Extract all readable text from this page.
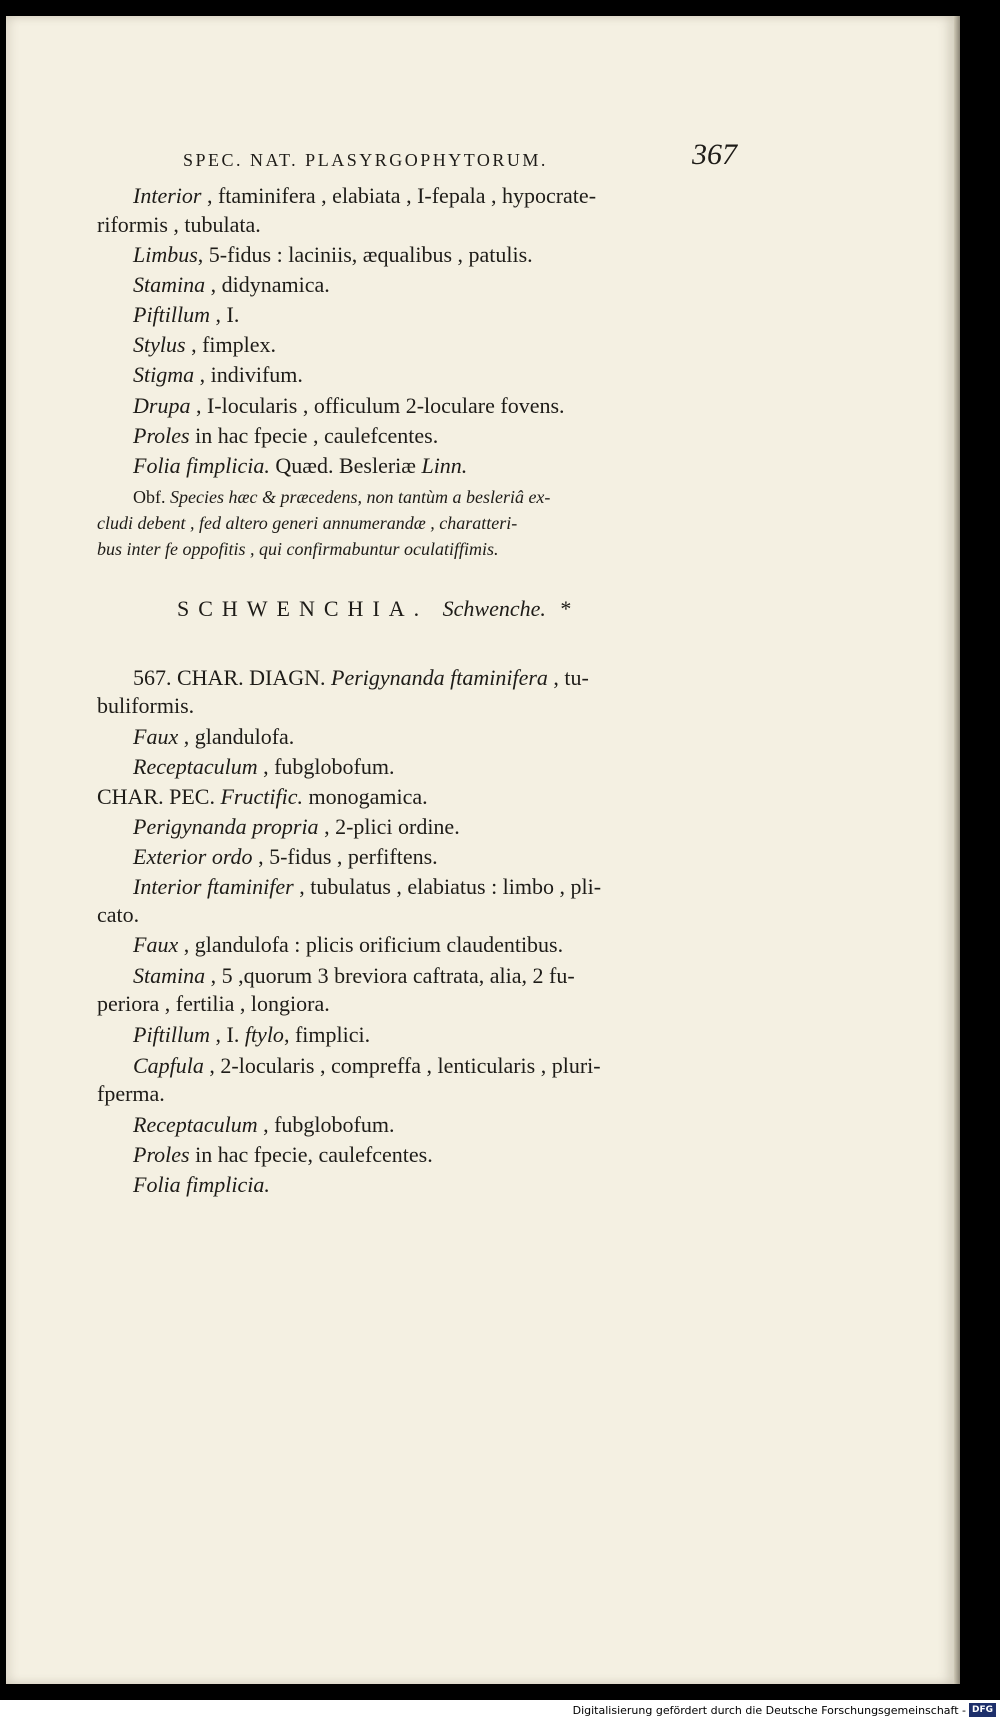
SPEC. NAT. PLASYRGOPHYTORUM.	367
Interior , ftaminifera , elabiata , I-fepala , hypocrate-
riformis , tubulata.
Limbus, 5-fidus : laciniis, æqualibus , patulis.
Stamina , didynamica.
Piftillum , I.
Stylus , fimplex.
Stigma , indivifum.
Drupa , I-locularis , officulum 2-loculare fovens.
Proles in hac fpecie , caulefcentes.
Folia fimplicia. Quæd. Besleriæ Linn.
Obf. Species hæc & præcedens, non tantùm a besleriâ ex-
cludi debent , fed altero generi annumerandæ , charatteri-
bus inter fe oppofitis , qui confirmabuntur oculatiffimis.
SCHWENCHIA. Schwenche. *
567. CHAR. DIAGN. Perigynanda ftaminifera , tu-
buliformis.
Faux , glandulofa.
Receptaculum , fubglobofum.
CHAR. PEC. Fructific. monogamica.
Perigynanda propria , 2-plici ordine.
Exterior ordo , 5-fidus , perfiftens.
Interior ftaminifer , tubulatus , elabiatus : limbo , pli-
cato.
Faux , glandulofa : plicis orificium claudentibus.
Stamina , 5 ,quorum 3 breviora caftrata, alia, 2 fu-
periora , fertilia , longiora.
Piftillum , I. ftylo, fimplici.
Capfula , 2-locularis , compreffa , lenticularis , pluri-
fperma.
Receptaculum , fubglobofum.
Proles in hac fpecie, caulefcentes.
Folia fimplicia.
Digitalisierung gefördert durch die Deutsche Forschungsgemeinschaft - DFG
